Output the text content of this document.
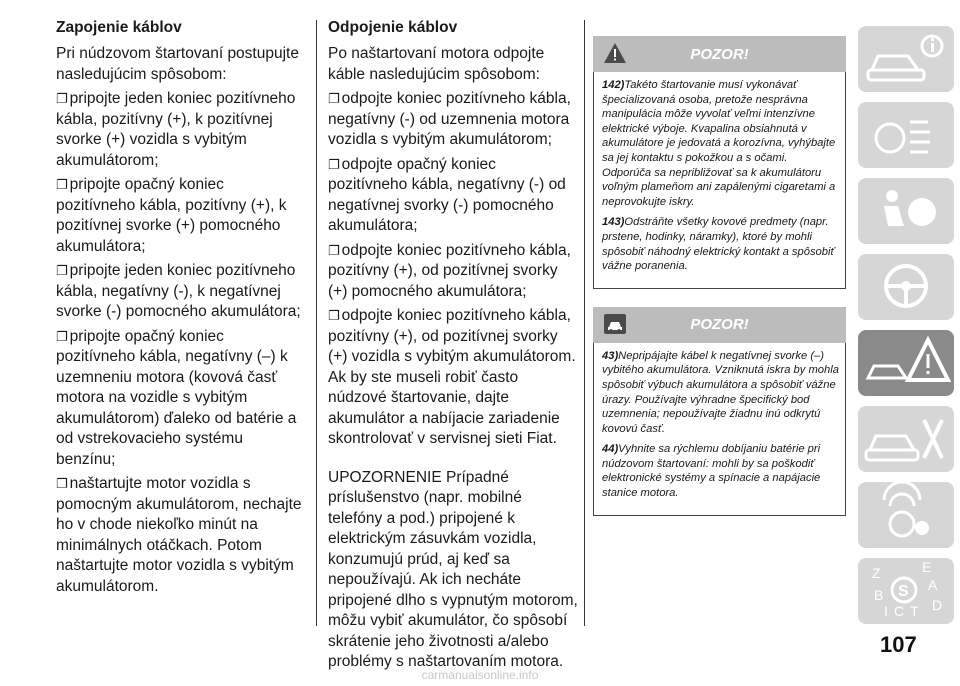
Zapojenie káblov

Pri núdzovom štartovaní postupujte nasledujúcim spôsobom:

❐ pripojte jeden koniec pozitívneho kábla, pozitívny (+), k pozitívnej svorke (+) vozidla s vybitým akumulátorom;

❐ pripojte opačný koniec pozitívneho kábla, pozitívny (+), k pozitívnej svorke (+) pomocného akumulátora;

❐ pripojte jeden koniec pozitívneho kábla, negatívny (-), k negatívnej svorke (-) pomocného akumulátora;

❐ pripojte opačný koniec pozitívneho kábla, negatívny (–) k uzemneniu motora (kovová časť motora na vozidle s vybitým akumulátorom) ďaleko od batérie a od vstrekovacieho systému benzínu;

❐ naštartujte motor vozidla s pomocným akumulátorom, nechajte ho v chode niekoľko minút na minimálnych otáčkach. Potom naštartujte motor vozidla s vybitým akumulátorom.

Odpojenie káblov

Po naštartovaní motora odpojte káble nasledujúcim spôsobom:

❐ odpojte koniec pozitívneho kábla, negatívny (-) od uzemnenia motora vozidla s vybitým akumulátorom;

❐ odpojte opačný koniec pozitívneho kábla, negatívny (-) od negatívnej svorky (-) pomocného akumulátora;

❐ odpojte koniec pozitívneho kábla, pozitívny (+), od pozitívnej svorky (+) pomocného akumulátora;

❐ odpojte koniec pozitívneho kábla, pozitívny (+), od pozitívnej svorky (+) vozidla s vybitým akumulátorom.

Ak by ste museli robiť často núdzové štartovanie, dajte akumulátor a nabíjacie zariadenie skontrolovať v servisnej sieti Fiat.

UPOZORNENIE Prípadné príslušenstvo (napr. mobilné telefóny a pod.) pripojené k elektrickým zásuvkám vozidla, konzumujú prúd, aj keď sa nepoužívajú. Ak ich necháte pripojené dlho s vypnutým motorom, môžu vybiť akumulátor, čo spôsobí skrátenie jeho životnosti a/alebo problémy s naštartovaním motora.

POZOR!

142)Takéto štartovanie musí vykonávať špecializovaná osoba, pretože nesprávna manipulácia môže vyvolať veľmi intenzívne elektrické výboje. Kvapalina obsiahnutá v akumulátore je jedovatá a korozívna, vyhýbajte sa jej kontaktu s pokožkou a s očami. Odporúča sa nepribližovať sa k akumulátoru voľným plameňom ani zapálenými cigaretami a neprovokujte iskry.

143)Odstráňte všetky kovové predmety (napr. prstene, hodinky, náramky), ktoré by mohli spôsobiť náhodný elektrický kontakt a spôsobiť vážne poranenia.

POZOR!

43)Nepripájajte kábel k negatívnej svorke (–) vybitého akumulátora. Vzniknutá iskra by mohla spôsobiť výbuch akumulátora a spôsobiť vážne úrazy. Používajte výhradne špecifický bod uzemnenia; nepoužívajte žiadnu inú odkrytú kovovú časť.

44)Vyhnite sa rýchlemu dobíjaniu batérie pri núdzovom štartovaní: mohli by sa poškodiť elektronické systémy a spínacie a napájacie stanice motora.

Z	E
A
B
I C T D
S
107
carmanualsonline.info
